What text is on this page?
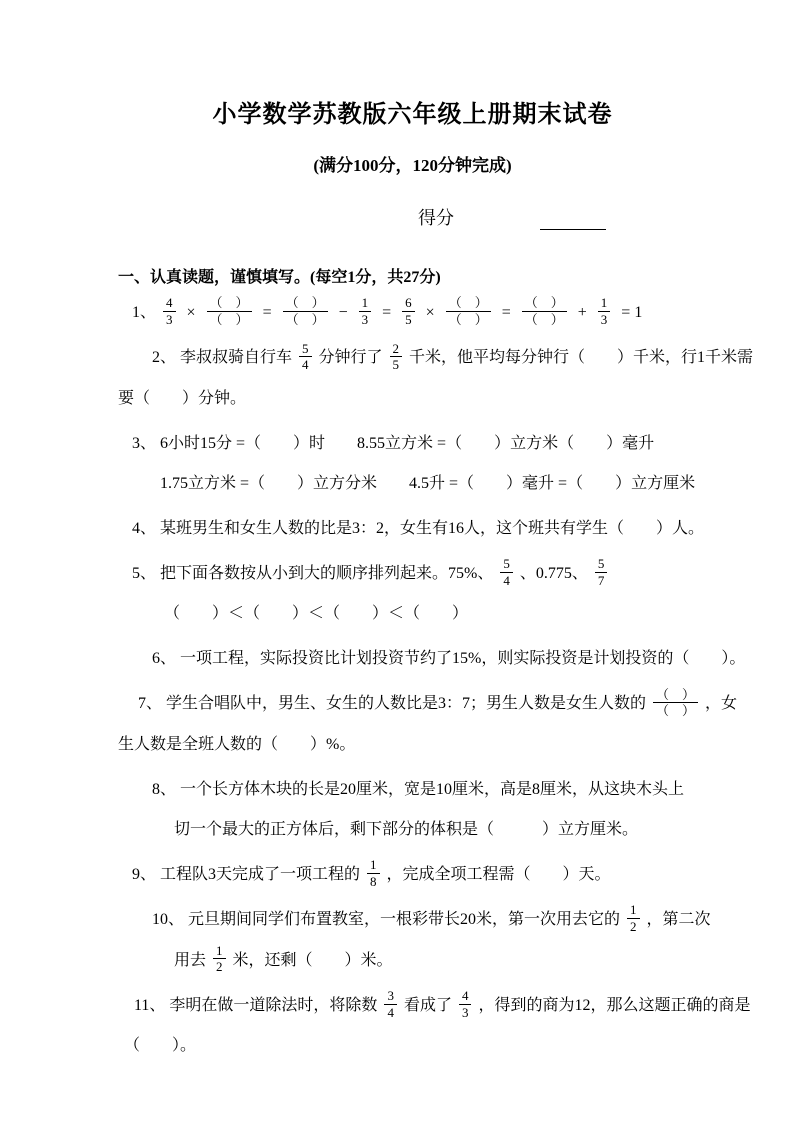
小学数学苏教版六年级上册期末试卷
(满分100分，120分钟完成)
得分
一、认真读题，谨慎填写。(每空1分，共27分)
1、 $\frac{4}{3} \times \frac{( )}{( )} = \frac{( )}{( )} - \frac{1}{3} = \frac{6}{5} \times \frac{( )}{( )} = \frac{( )}{( )} + \frac{1}{3} = 1$
2、 李叔叔骑自行车 $\frac{5}{4}$ 分钟行了 $\frac{2}{5}$ 千米，他平均每分钟行（　　）千米，行1千米需
要（　　）分钟。
3、 6小时15分 =（　　）时　　8.55立方米 =（　　）立方米（　　）毫升
1.75立方米 =（　　）立方分米　　4.5升 =（　　）毫升 =（　　）立方厘米
4、 某班男生和女生人数的比是3：2，女生有16人，这个班共有学生（　　）人。
5、 把下面各数按从小到大的顺序排列起来。75%、 $\frac{5}{4}$ 、0.775、 $\frac{5}{7}$
（　　）＜（　　）＜（　　）＜（　　）
6、 一项工程，实际投资比计划投资节约了15%，则实际投资是计划投资的（　　）。
7、 学生合唱队中，男生、女生的人数比是3：7；男生人数是女生人数的 $\frac{( )}{( )}$ ，女
生人数是全班人数的（　　）%。
8、 一个长方体木块的长是20厘米，宽是10厘米，高是8厘米，从这块木头上
切一个最大的正方体后，剩下部分的体积是（　　　）立方厘米。
9、 工程队3天完成了一项工程的 $\frac{1}{8}$ ，完成全项工程需（　　）天。
10、 元旦期间同学们布置教室，一根彩带长20米，第一次用去它的 $\frac{1}{2}$ ，第二次
用去 $\frac{1}{2}$ 米，还剩（　　）米。
11、 李明在做一道除法时，将除数 $\frac{3}{4}$ 看成了 $\frac{4}{3}$ ，得到的商为12，那么这题正确的商是
（　　）。
